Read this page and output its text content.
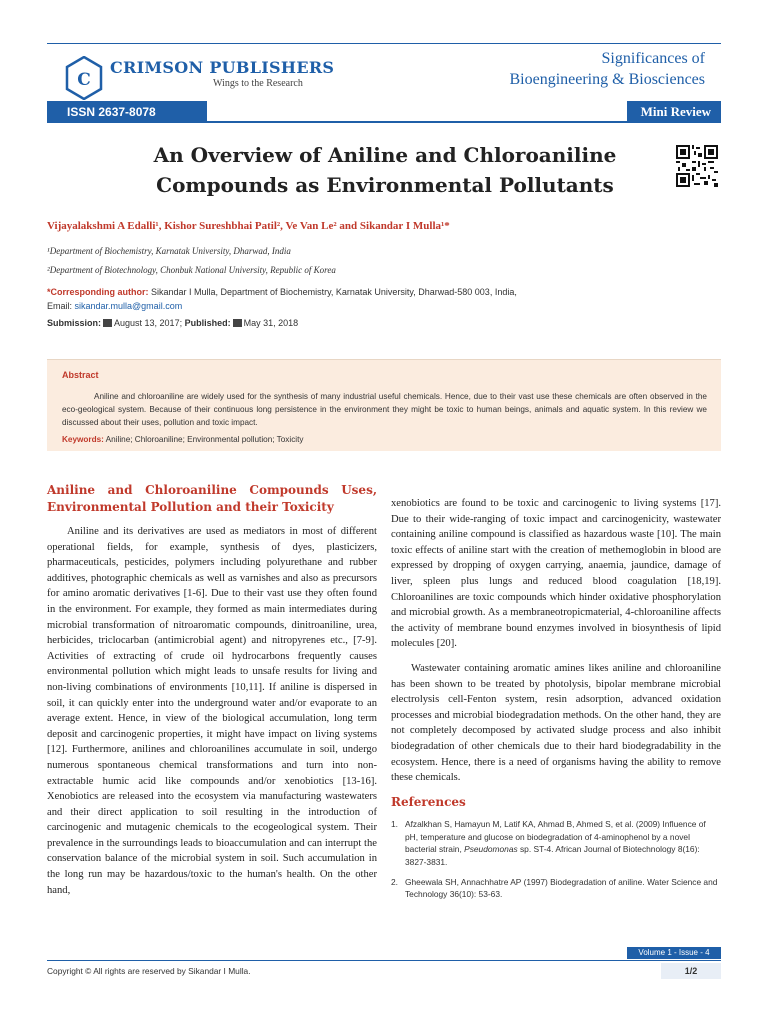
C
CRIMSON PUBLISHERS
Wings to the Research
Significances of
Bioengineering & Biosciences
ISSN 2637-8078	Mini Review
An Overview of Aniline and Chloroaniline
Compounds as Environmental Pollutants
Vijayalakshmi A Edalli¹, Kishor Sureshbhai Patil², Ve Van Le² and Sikandar I Mulla¹*
¹Department of Biochemistry, Karnatak University, Dharwad, India
²Department of Biotechnology, Chonbuk National University, Republic of Korea
*Corresponding author: Sikandar I Mulla, Department of Biochemistry, Karnatak University, Dharwad-580 003, India,
Email: sikandar.mulla@gmail.com
Submission: August 13, 2017; Published: May 31, 2018
Abstract
Aniline and chloroaniline are widely used for the synthesis of many industrial useful chemicals. Hence, due to their vast use these chemicals are often observed in the eco-geological system. Because of their continuous long persistence in the environment they might be toxic to human beings, animals and aquatic system. In this review we discussed about their uses, pollution and toxic impact.
Keywords: Aniline; Chloroaniline; Environmental pollution; Toxicity
Aniline and Chloroaniline Compounds Uses, Environmental Pollution and their Toxicity
Aniline and its derivatives are used as mediators in most of different operational fields, for example, synthesis of dyes, plasticizers, pharmaceuticals, pesticides, polymers including polyurethane and rubber additives, photographic chemicals as well as varnishes and also as precursors for amino aromatic derivatives [1-6]. Due to their vast use they often found in the environment. For example, they formed as main intermediates during microbial transformation of nitroaromatic compounds, dinitroaniline, urea, herbicides, triclocarban (antimicrobial agent) and nitropyrenes etc., [7-9]. Activities of extracting of crude oil hydrocarbons frequently causes environmental pollution which might leads to unsafe results for living and non-living combinations of environments [10,11]. If aniline is dispersed in soil, it can quickly enter into the underground water and/or evaporate to an average extent. Hence, in view of the biological accumulation, long term deposit and carcinogenic properties, it might have impact on living systems [12]. Furthermore, anilines and chloroanilines accumulate in soil, undergo numerous spontaneous chemical transformations and turn into non-extractable humic acid like compounds and/or xenobiotics [13-16]. Xenobiotics are released into the ecosystem via manufacturing wastewaters and their direct application to soil resulting in the introduction of carcinogenic and mutagenic chemicals to the ecogeological system. Their prevalence in the surroundings leads to bioaccumulation and can interrupt the conservation balance of the microbial system in soil. Such accumulation in the long run may be hazardous/toxic to the human's health. On the other hand,
xenobiotics are found to be toxic and carcinogenic to living systems [17]. Due to their wide-ranging of toxic impact and carcinogenicity, wastewater containing aniline compound is classified as hazardous waste [10]. The main toxic effects of aniline start with the creation of methemoglobin in blood are expressed by dropping of oxygen carrying, anaemia, jaundice, damage of liver, spleen plus lungs and reduced blood coagulation [18,19]. Chloroanilines are toxic compounds which hinder oxidative phosphorylation and microbial growth. As a membraneotropicmaterial, 4-chloroaniline affects the activity of membrane bound enzymes involved in biosynthesis of lipid molecules [20].
Wastewater containing aromatic amines likes aniline and chloroaniline has been shown to be treated by photolysis, bipolar membrane microbial electrolysis cell-Fenton system, resin adsorption, advanced oxidation processes and microbial biodegradation methods. On the other hand, they are not completely decomposed by activated sludge process and also inhibit biodegradation of other chemicals due to their hard biodegradability in the ecosystem. Hence, there is a need of organisms having the ability to remove these chemicals.
References
1. Afzalkhan S, Hamayun M, Latif KA, Ahmad B, Ahmed S, et al. (2009) Influence of pH, temperature and glucose on biodegradation of 4-aminophenol by a novel bacterial strain, Pseudomonas sp. ST-4. African Journal of Biotechnology 8(16): 3827-3831.
2. Gheewala SH, Annachhatre AP (1997) Biodegradation of aniline. Water Science and Technology 36(10): 53-63.
Volume 1 - Issue - 4
Copyright © All rights are reserved by Sikandar I Mulla.	1/2
